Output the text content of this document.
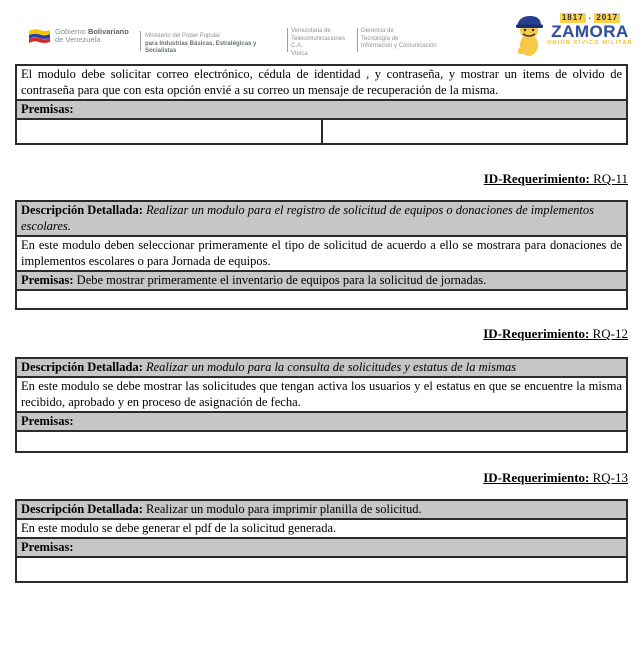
Gobierno Bolivariano
de Venezuela	Ministerio del Poder Popular
para Industrias Básicas, Estratégicas y Socialistas
Venezolana de
Telecomunicaciones C.A.
Vtelca
Gerencia de
Tecnología de
Información y Comunicación
1817 · 2017
ZAMORA
UNIÓN CÍVICO MILITAR
El modulo debe solicitar correo electrónico, cédula de identidad , y contraseña, y mostrar un items de olvido de contraseña para que con esta opción envié a su correo un mensaje de recuperación de la misma.
Premisas:

ID-Requerimiento: RQ-11
Descripción Detallada: Realizar un modulo para el registro de solicitud de equipos o donaciones de implementos escolares.
En este modulo deben seleccionar primeramente el tipo de solicitud de acuerdo a ello se mostrara para donaciones de implementos escolares o para Jornada de equipos.
Premisas: Debe mostrar primeramente el inventario de equipos para la solicitud de jornadas.

ID-Requerimiento: RQ-12
Descripción Detallada: Realizar un modulo para la consulta de solicitudes y estatus de la mismas
En este modulo se debe mostrar las solicitudes que tengan activa los usuarios y el estatus en que se encuentre la misma recibido, aprobado y en proceso de asignación de fecha.
Premisas:

ID-Requerimiento: RQ-13
Descripción Detallada: Realizar un modulo para imprimir planilla de solicitud.
En este modulo se debe generar el pdf de la solicitud generada.
Premisas:
